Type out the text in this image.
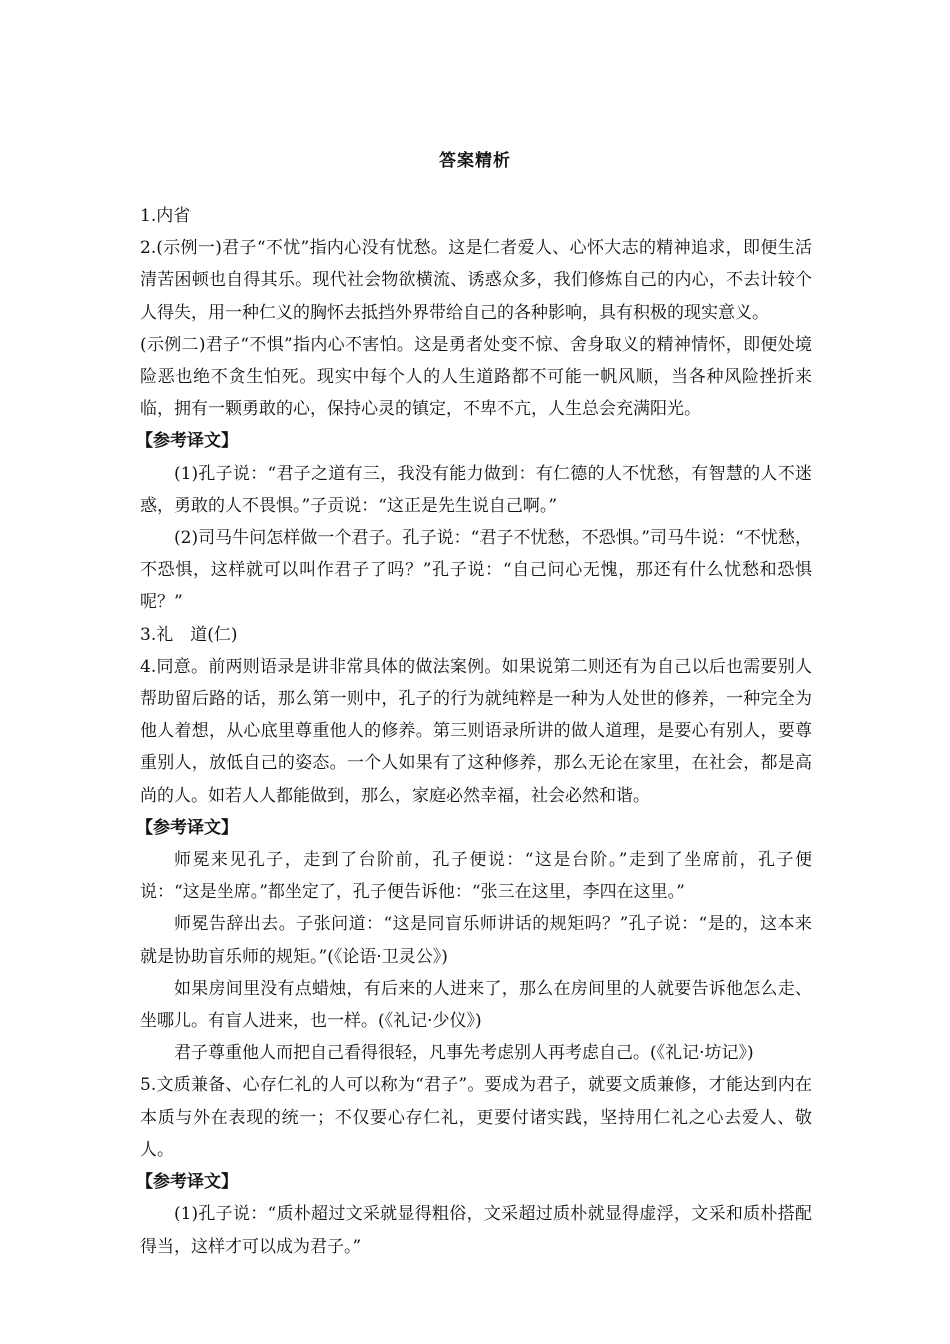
答案精析

1.内省

2.(示例一)君子“不忧”指内心没有忧愁。这是仁者爱人、心怀大志的精神追求，即便生活清苦困顿也自得其乐。现代社会物欲横流、诱惑众多，我们修炼自己的内心，不去计较个人得失，用一种仁义的胸怀去抵挡外界带给自己的各种影响，具有积极的现实意义。

(示例二)君子“不惧”指内心不害怕。这是勇者处变不惊、舍身取义的精神情怀，即便处境险恶也绝不贪生怕死。现实中每个人的人生道路都不可能一帆风顺，当各种风险挫折来临，拥有一颗勇敢的心，保持心灵的镇定，不卑不亢，人生总会充满阳光。

【参考译文】

(1)孔子说：“君子之道有三，我没有能力做到：有仁德的人不忧愁，有智慧的人不迷惑，勇敢的人不畏惧。”子贡说：“这正是先生说自己啊。”

(2)司马牛问怎样做一个君子。孔子说：“君子不忧愁，不恐惧。”司马牛说：“不忧愁，不恐惧，这样就可以叫作君子了吗？”孔子说：“自己问心无愧，那还有什么忧愁和恐惧呢？”

3.礼　道(仁)

4.同意。前两则语录是讲非常具体的做法案例。如果说第二则还有为自己以后也需要别人帮助留后路的话，那么第一则中，孔子的行为就纯粹是一种为人处世的修养，一种完全为他人着想，从心底里尊重他人的修养。第三则语录所讲的做人道理，是要心有别人，要尊重别人，放低自己的姿态。一个人如果有了这种修养，那么无论在家里，在社会，都是高尚的人。如若人人都能做到，那么，家庭必然幸福，社会必然和谐。

【参考译文】

师冕来见孔子，走到了台阶前，孔子便说：“这是台阶。”走到了坐席前，孔子便说：“这是坐席。”都坐定了，孔子便告诉他：“张三在这里，李四在这里。”

师冕告辞出去。子张问道：“这是同盲乐师讲话的规矩吗？”孔子说：“是的，这本来就是协助盲乐师的规矩。”(《论语·卫灵公》)

如果房间里没有点蜡烛，有后来的人进来了，那么在房间里的人就要告诉他怎么走、坐哪儿。有盲人进来，也一样。(《礼记·少仪》)

君子尊重他人而把自己看得很轻，凡事先考虑别人再考虑自己。(《礼记·坊记》)

5.文质兼备、心存仁礼的人可以称为“君子”。要成为君子，就要文质兼修，才能达到内在本质与外在表现的统一；不仅要心存仁礼，更要付诸实践，坚持用仁礼之心去爱人、敬人。

【参考译文】

(1)孔子说：“质朴超过文采就显得粗俗，文采超过质朴就显得虚浮，文采和质朴搭配得当，这样才可以成为君子。”
